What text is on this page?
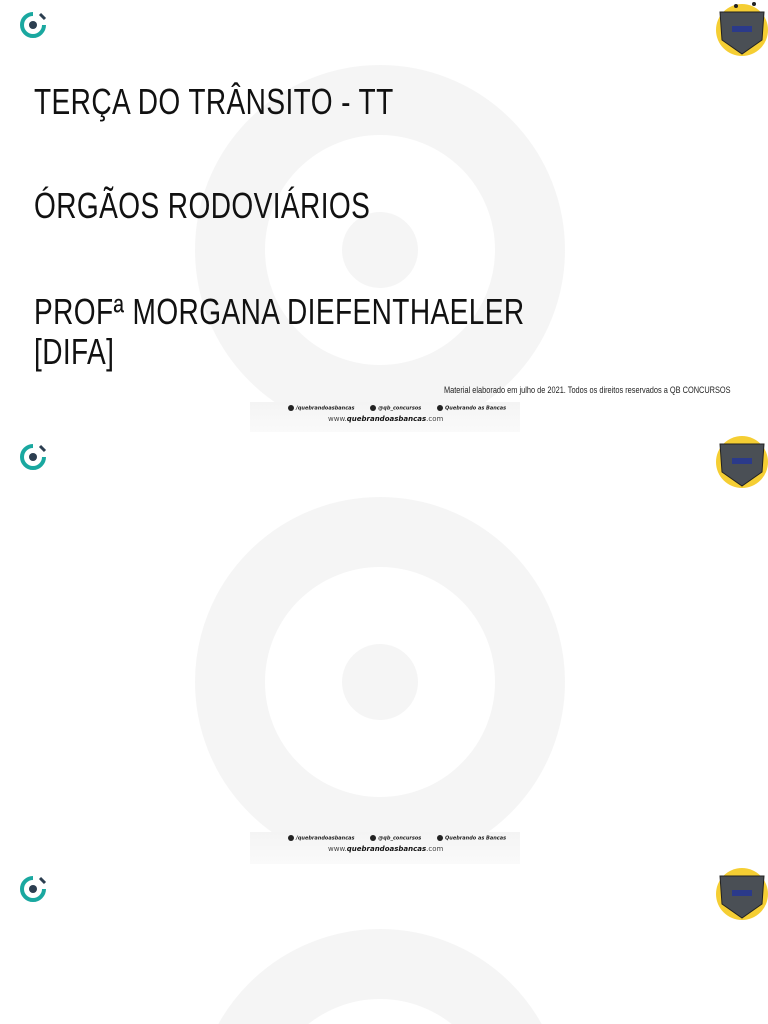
TERÇA DO TRÂNSITO - TT
ÓRGÃOS RODOVIÁRIOS
PROFª MORGANA DIEFENTHAELER
[DIFA]
Material elaborado em julho de 2021. Todos os direitos reservados a QB CONCURSOS
/quebrandoasbancas	@qb_concursos	Quebrando as Bancas
www.quebrandoasbancas.com
/quebrandoasbancas	@qb_concursos	Quebrando as Bancas
www.quebrandoasbancas.com
